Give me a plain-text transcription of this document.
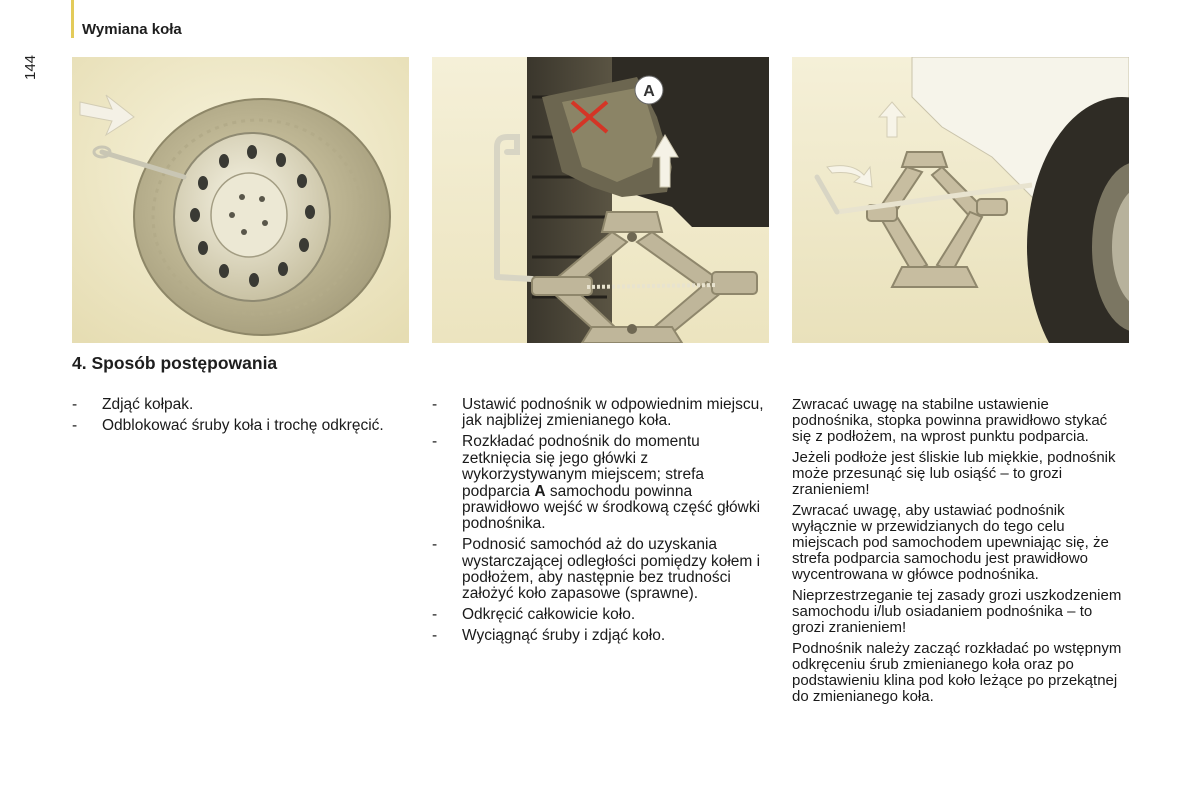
Wymiana koła
144
A
4. Sposób postępowania
- Zdjąć kołpak.
- Odblokować śruby koła i trochę odkręcić.
- Ustawić podnośnik w odpowiednim miejscu, jak najbliżej zmienianego koła.
- Rozkładać podnośnik do momentu zetknięcia się jego główki z wykorzystywanym miejscem; strefa podparcia A samochodu powinna prawidłowo wejść w środkową część główki podnośnika.
- Podnosić samochód aż do uzyskania wystarczającej odległości pomiędzy kołem i podłożem, aby następnie bez trudności założyć koło zapasowe (sprawne).
- Odkręcić całkowicie koło.
- Wyciągnąć śruby i zdjąć koło.

Zwracać uwagę na stabilne ustawienie podnośnika, stopka powinna prawidłowo stykać się z podłożem, na wprost punktu podparcia.

Jeżeli podłoże jest śliskie lub miękkie, podnośnik może przesunąć się lub osiąść – to grozi zranieniem!

Zwracać uwagę, aby ustawiać podnośnik wyłącznie w przewidzianych do tego celu miejscach pod samochodem upewniając się, że strefa podparcia samochodu jest prawidłowo wycentrowana w główce podnośnika.

Nieprzestrzeganie tej zasady grozi uszkodzeniem samochodu i/lub osiadaniem podnośnika – to grozi zranieniem!

Podnośnik należy zacząć rozkładać po wstępnym odkręceniu śrub zmienianego koła oraz po podstawieniu klina pod koło leżące po przekątnej do zmienianego koła.
